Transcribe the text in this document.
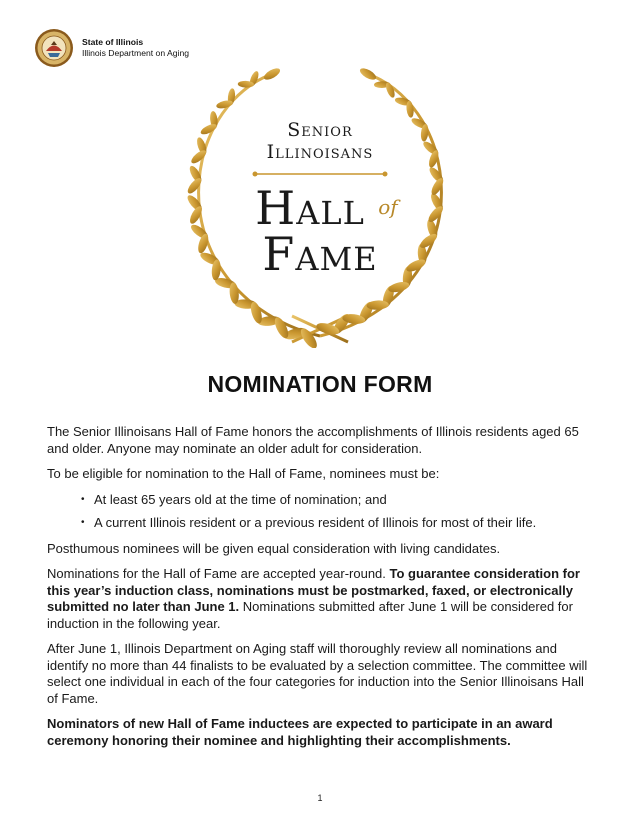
State of Illinois
Illinois Department on Aging
Senior
Illinoisans
Hall of
Fame
NOMINATION FORM

The Senior Illinoisans Hall of Fame honors the accomplishments of Illinois residents aged 65 and older. Anyone may nominate an older adult for consideration.

To be eligible for nomination to the Hall of Fame, nominees must be:

• At least 65 years old at the time of nomination; and
• A current Illinois resident or a previous resident of Illinois for most of their life.

Posthumous nominees will be given equal consideration with living candidates.

Nominations for the Hall of Fame are accepted year-round. To guarantee consideration for this year’s induction class, nominations must be postmarked, faxed, or electronically submitted no later than June 1. Nominations submitted after June 1 will be considered for induction in the following year.

After June 1, Illinois Department on Aging staff will thoroughly review all nominations and identify no more than 44 finalists to be evaluated by a selection committee. The committee will select one individual in each of the four categories for induction into the Senior Illinoisans Hall of Fame.

Nominators of new Hall of Fame inductees are expected to participate in an award ceremony honoring their nominee and highlighting their accomplishments.

1
